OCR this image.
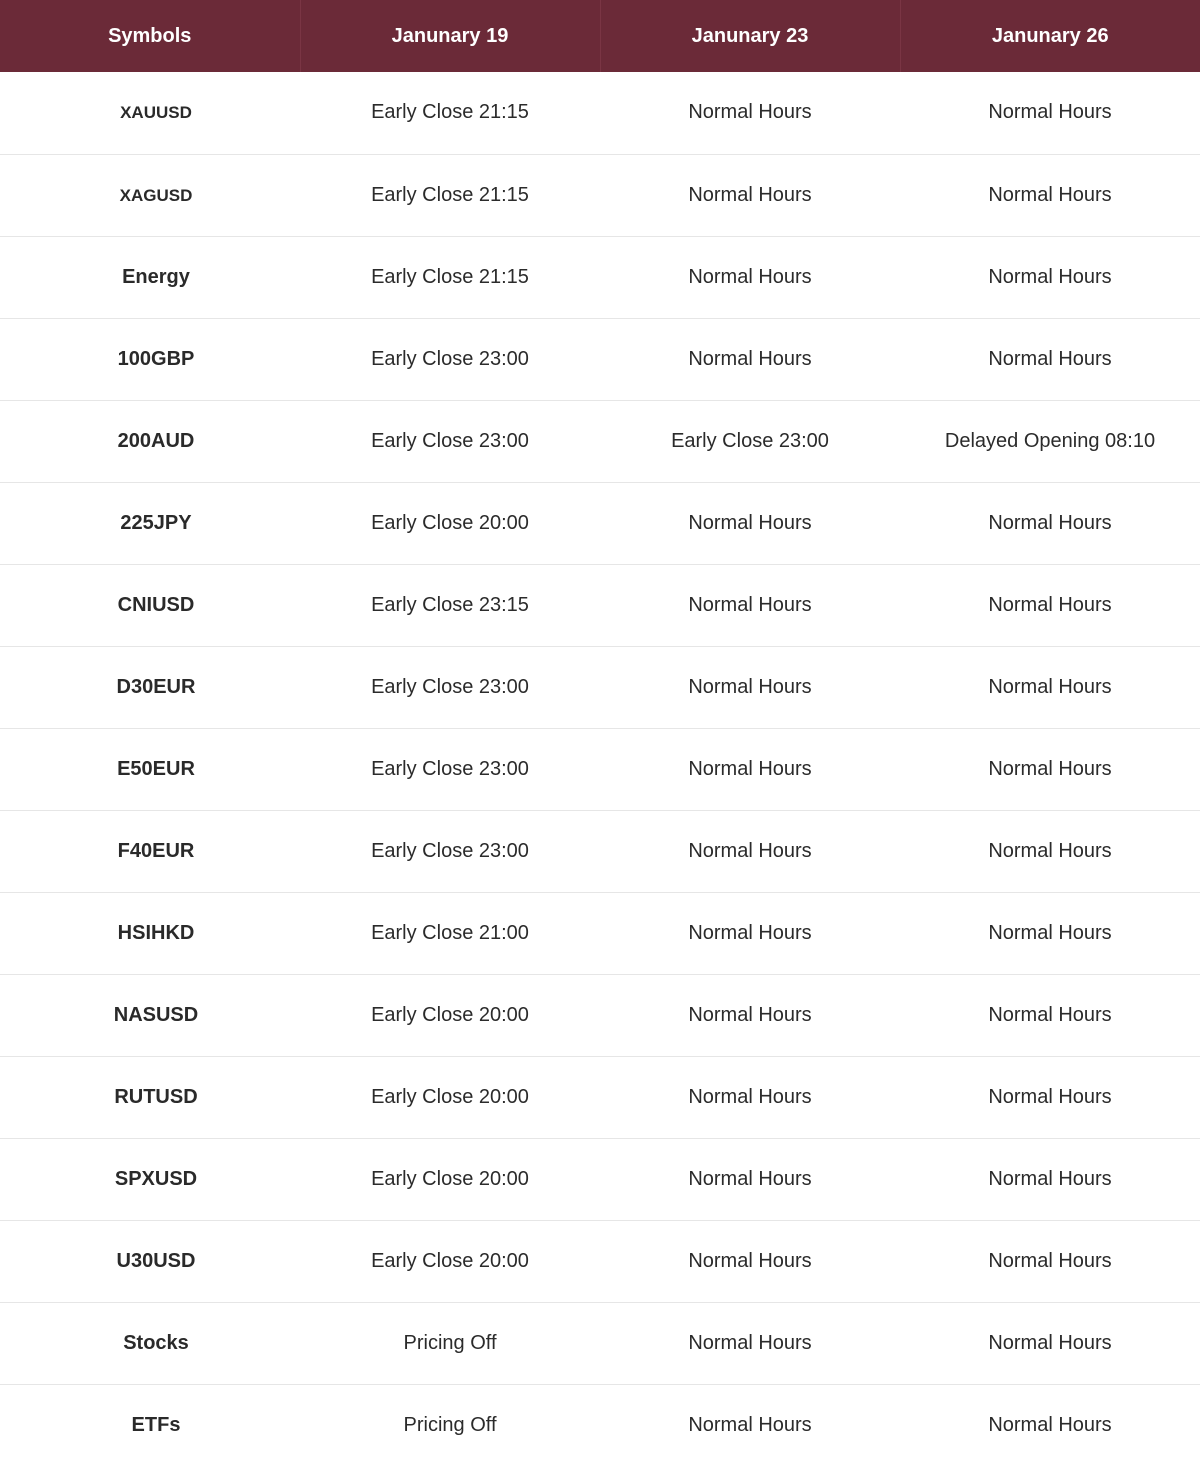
Symbols	Janunary 19	Janunary 23	Janunary 26
XAUUSD	Early Close 21:15	Normal Hours	Normal Hours
XAGUSD	Early Close 21:15	Normal Hours	Normal Hours
Energy	Early Close 21:15	Normal Hours	Normal Hours
100GBP	Early Close 23:00	Normal Hours	Normal Hours
200AUD	Early Close 23:00	Early Close 23:00	Delayed Opening 08:10
225JPY	Early Close 20:00	Normal Hours	Normal Hours
CNIUSD	Early Close 23:15	Normal Hours	Normal Hours
D30EUR	Early Close 23:00	Normal Hours	Normal Hours
E50EUR	Early Close 23:00	Normal Hours	Normal Hours
F40EUR	Early Close 23:00	Normal Hours	Normal Hours
HSIHKD	Early Close 21:00	Normal Hours	Normal Hours
NASUSD	Early Close 20:00	Normal Hours	Normal Hours
RUTUSD	Early Close 20:00	Normal Hours	Normal Hours
SPXUSD	Early Close 20:00	Normal Hours	Normal Hours
U30USD	Early Close 20:00	Normal Hours	Normal Hours
Stocks	Pricing Off	Normal Hours	Normal Hours
ETFs	Pricing Off	Normal Hours	Normal Hours
